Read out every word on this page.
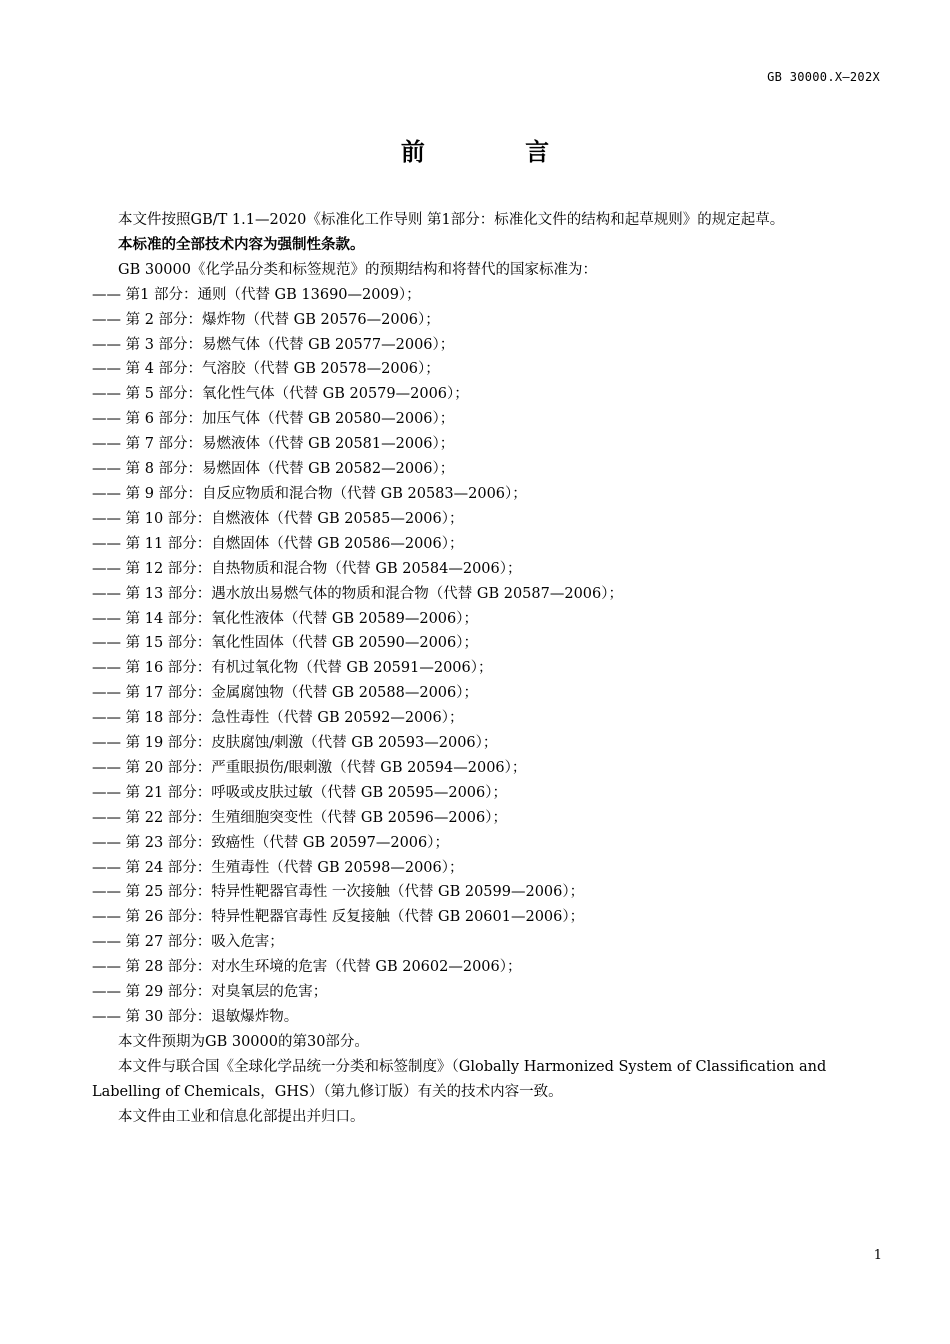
GB 30000.X—202X
前 言

本文件按照GB/T 1.1—2020《标准化工作导则 第1部分：标准化文件的结构和起草规则》的规定起草。

本标准的全部技术内容为强制性条款。

GB 30000《化学品分类和标签规范》的预期结构和将替代的国家标准为：

—— 第1 部分：通则（代替 GB 13690—2009）；

—— 第 2 部分：爆炸物（代替 GB 20576—2006）；

—— 第 3 部分：易燃气体（代替 GB 20577—2006）；

—— 第 4 部分：气溶胶（代替 GB 20578—2006）；

—— 第 5 部分：氧化性气体（代替 GB 20579—2006）；

—— 第 6 部分：加压气体（代替 GB 20580—2006）；

—— 第 7 部分：易燃液体（代替 GB 20581—2006）；

—— 第 8 部分：易燃固体（代替 GB 20582—2006）；

—— 第 9 部分：自反应物质和混合物（代替 GB 20583—2006）；

—— 第 10 部分：自燃液体（代替 GB 20585—2006）；

—— 第 11 部分：自燃固体（代替 GB 20586—2006）；

—— 第 12 部分：自热物质和混合物（代替 GB 20584—2006）；

—— 第 13 部分：遇水放出易燃气体的物质和混合物（代替 GB 20587—2006）；

—— 第 14 部分：氧化性液体（代替 GB 20589—2006）；

—— 第 15 部分：氧化性固体（代替 GB 20590—2006）；

—— 第 16 部分：有机过氧化物（代替 GB 20591—2006）；

—— 第 17 部分：金属腐蚀物（代替 GB 20588—2006）；

—— 第 18 部分：急性毒性（代替 GB 20592—2006）；

—— 第 19 部分：皮肤腐蚀/刺激（代替 GB 20593—2006）；

—— 第 20 部分：严重眼损伤/眼刺激（代替 GB 20594—2006）；

—— 第 21 部分：呼吸或皮肤过敏（代替 GB 20595—2006）；

—— 第 22 部分：生殖细胞突变性（代替 GB 20596—2006）；

—— 第 23 部分：致癌性（代替 GB 20597—2006）；

—— 第 24 部分：生殖毒性（代替 GB 20598—2006）；

—— 第 25 部分：特异性靶器官毒性 一次接触（代替 GB 20599—2006）；

—— 第 26 部分：特异性靶器官毒性 反复接触（代替 GB 20601—2006）；

—— 第 27 部分：吸入危害；

—— 第 28 部分：对水生环境的危害（代替 GB 20602—2006）；

—— 第 29 部分：对臭氧层的危害；

—— 第 30 部分：退敏爆炸物。

本文件预期为GB 30000的第30部分。

本文件与联合国《全球化学品统一分类和标签制度》（Globally Harmonized System of Classification and Labelling of Chemicals，GHS）（第九修订版）有关的技术内容一致。

本文件由工业和信息化部提出并归口。

1
